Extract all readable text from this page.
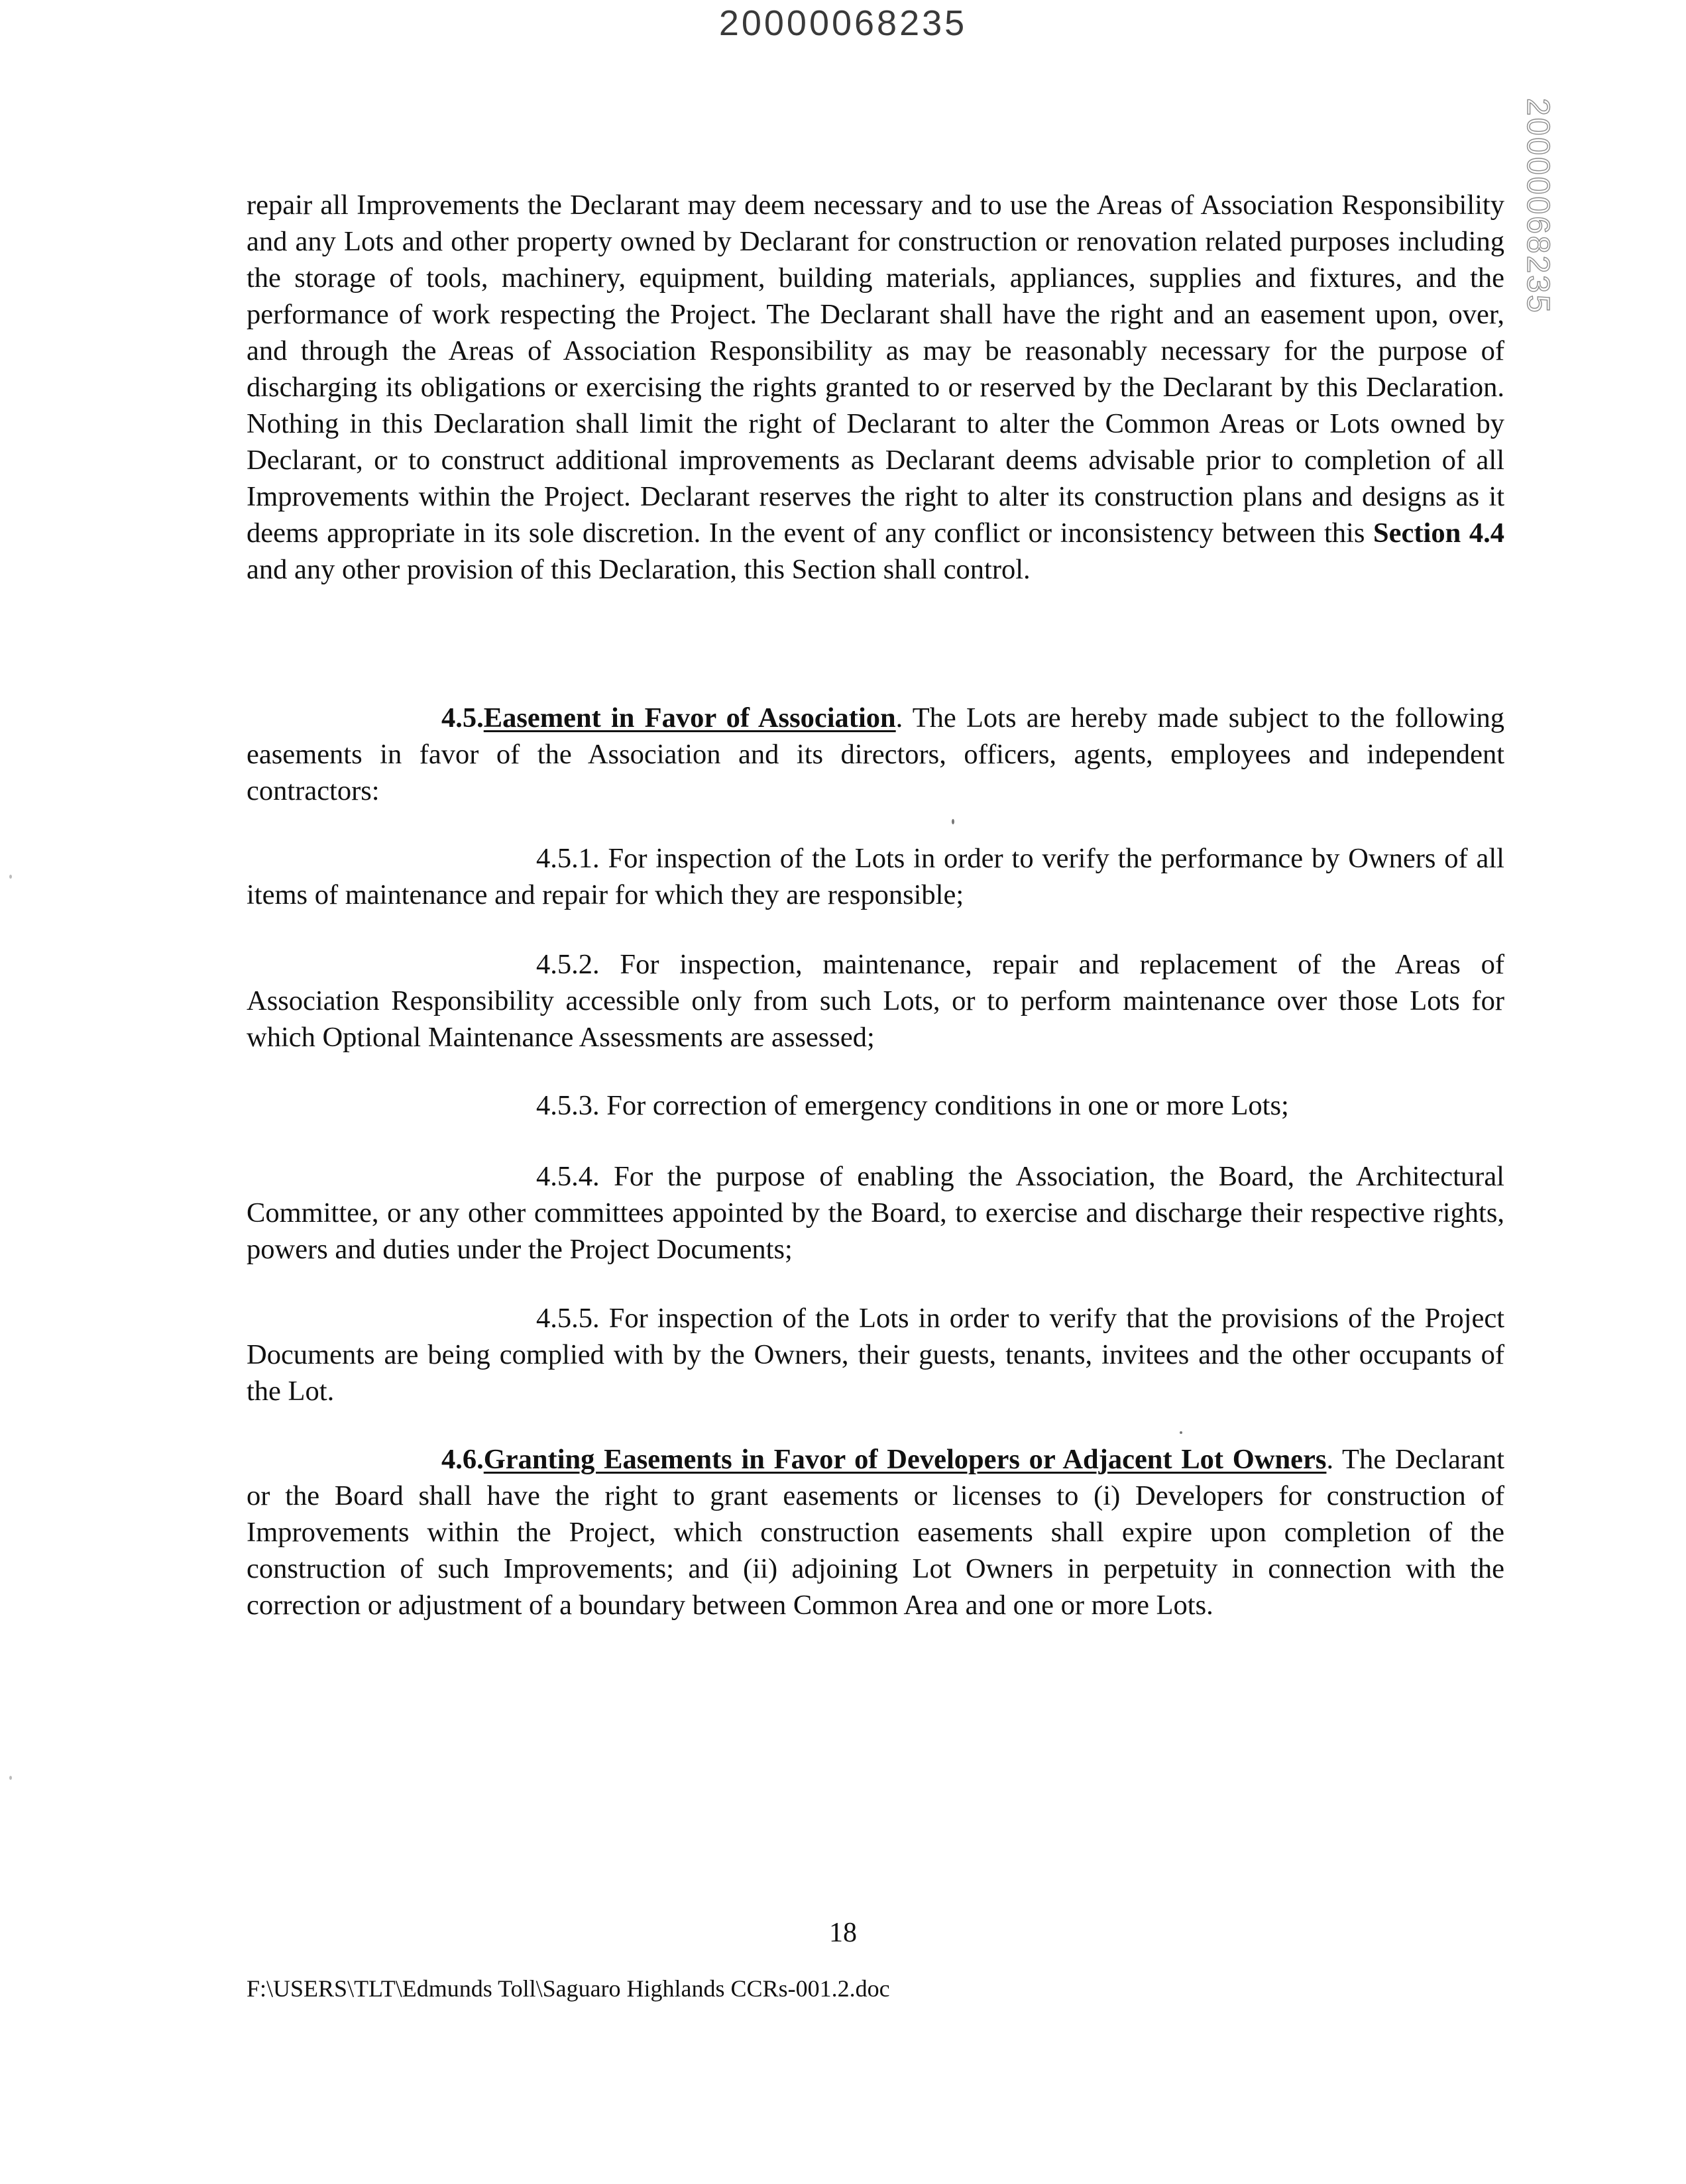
20000068235
20000068235

repair all Improvements the Declarant may deem necessary and to use the Areas of Association Responsibility and any Lots and other property owned by Declarant for construction or renovation related purposes including the storage of tools, machinery, equipment, building materials, appliances, supplies and fixtures, and the performance of work respecting the Project. The Declarant shall have the right and an easement upon, over, and through the Areas of Association Responsibility as may be reasonably necessary for the purpose of discharging its obligations or exercising the rights granted to or reserved by the Declarant by this Declaration. Nothing in this Declaration shall limit the right of Declarant to alter the Common Areas or Lots owned by Declarant, or to construct additional improvements as Declarant deems advisable prior to completion of all Improvements within the Project. Declarant reserves the right to alter its construction plans and designs as it deems appropriate in its sole discretion. In the event of any conflict or inconsistency between this Section 4.4 and any other provision of this Declaration, this Section shall control.

4.5.Easement in Favor of Association. The Lots are hereby made subject to the following easements in favor of the Association and its directors, officers, agents, employees and independent contractors:

4.5.1. For inspection of the Lots in order to verify the performance by Owners of all items of maintenance and repair for which they are responsible;

4.5.2. For inspection, maintenance, repair and replacement of the Areas of Association Responsibility accessible only from such Lots, or to perform maintenance over those Lots for which Optional Maintenance Assessments are assessed;

4.5.3. For correction of emergency conditions in one or more Lots;

4.5.4. For the purpose of enabling the Association, the Board, the Architectural Committee, or any other committees appointed by the Board, to exercise and discharge their respective rights, powers and duties under the Project Documents;

4.5.5. For inspection of the Lots in order to verify that the provisions of the Project Documents are being complied with by the Owners, their guests, tenants, invitees and the other occupants of the Lot.

4.6.Granting Easements in Favor of Developers or Adjacent Lot Owners. The Declarant or the Board shall have the right to grant easements or licenses to (i) Developers for construction of Improvements within the Project, which construction easements shall expire upon completion of the construction of such Improvements; and (ii) adjoining Lot Owners in perpetuity in connection with the correction or adjustment of a boundary between Common Area and one or more Lots.

18

F:\USERS\TLT\Edmunds Toll\Saguaro Highlands CCRs-001.2.doc
